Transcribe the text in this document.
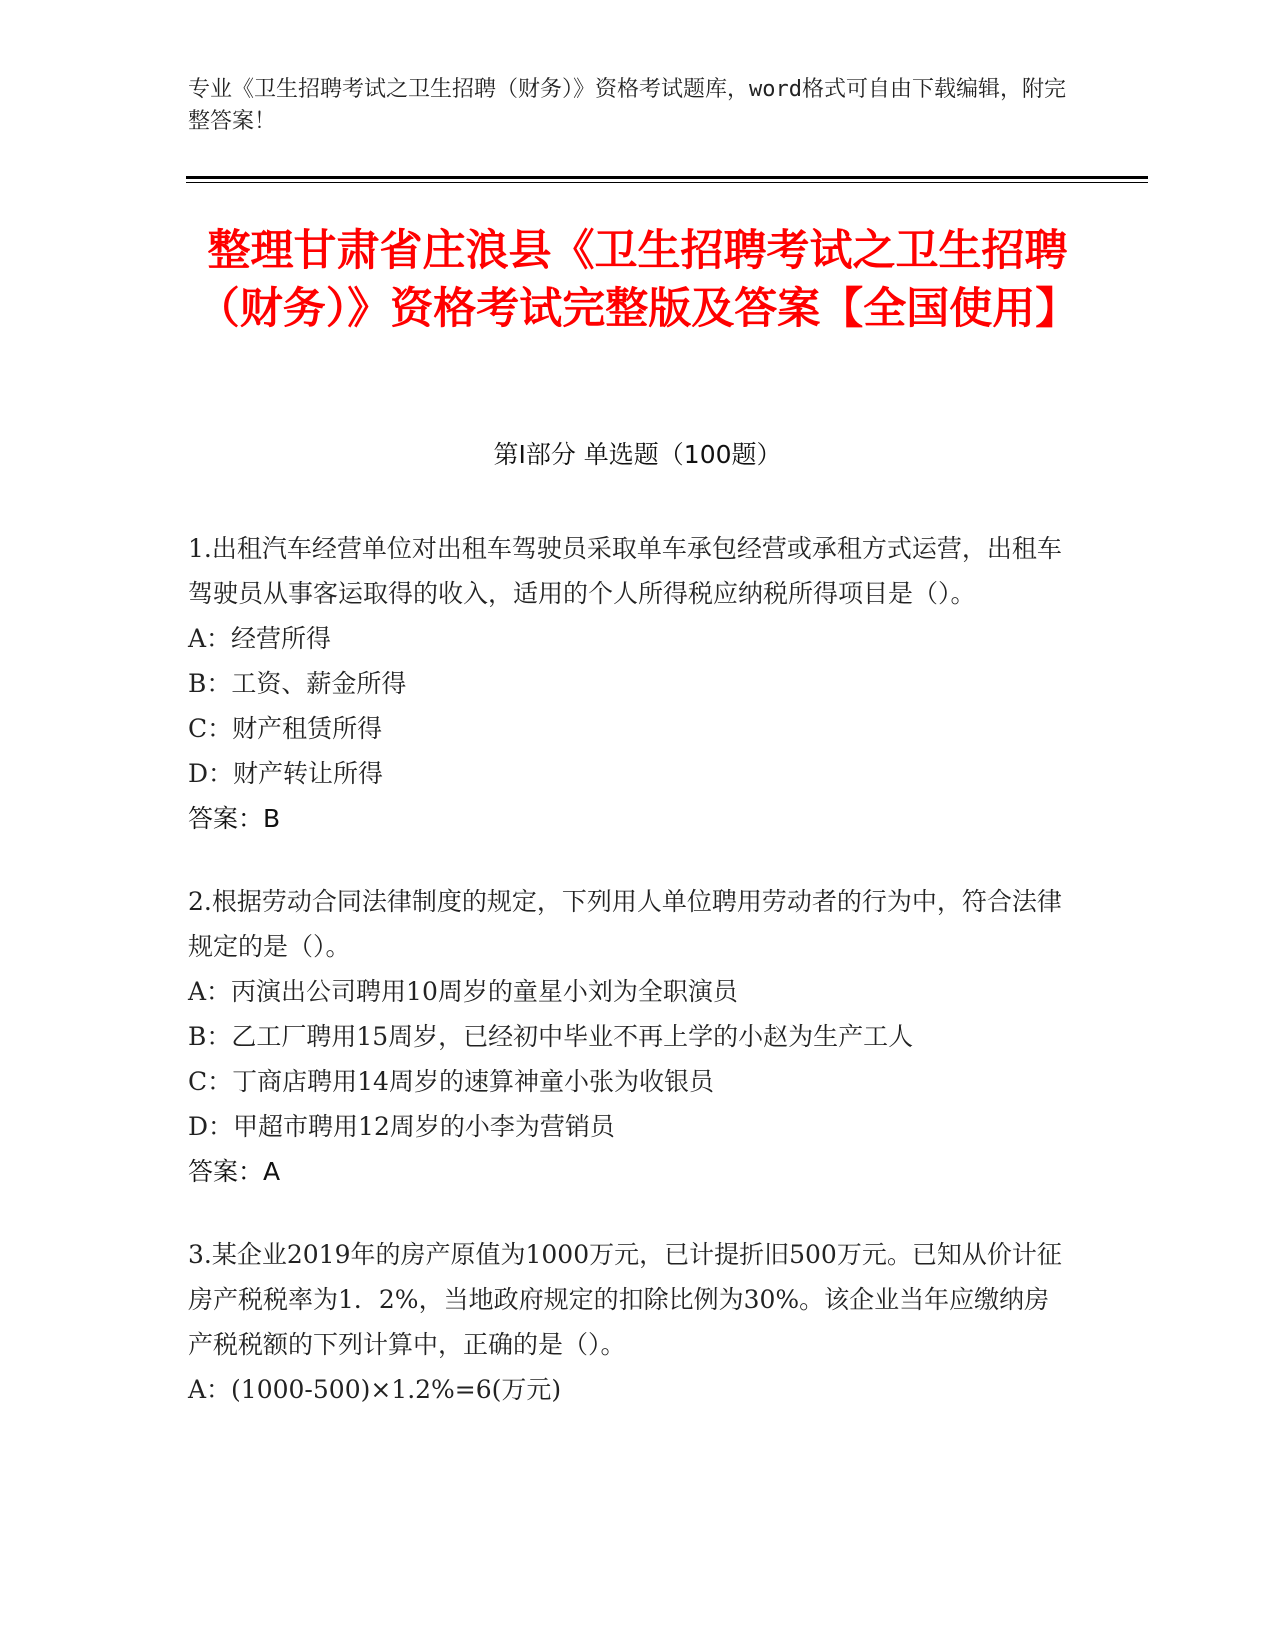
专业《卫生招聘考试之卫生招聘（财务）》资格考试题库，word格式可自由下载编辑，附完整答案！
整理甘肃省庄浪县《卫生招聘考试之卫生招聘（财务）》资格考试完整版及答案【全国使用】
第Ⅰ部分 单选题（100题）

1.出租汽车经营单位对出租车驾驶员采取单车承包经营或承租方式运营，出租车驾驶员从事客运取得的收入，适用的个人所得税应纳税所得项目是（）。

A：经营所得

B：工资、薪金所得

C：财产租赁所得

D：财产转让所得

答案：B

2.根据劳动合同法律制度的规定，下列用人单位聘用劳动者的行为中，符合法律规定的是（）。

A：丙演出公司聘用10周岁的童星小刘为全职演员

B：乙工厂聘用15周岁，已经初中毕业不再上学的小赵为生产工人

C：丁商店聘用14周岁的速算神童小张为收银员

D：甲超市聘用12周岁的小李为营销员

答案：A

3.某企业2019年的房产原值为1000万元，已计提折旧500万元。已知从价计征房产税税率为1．2%，当地政府规定的扣除比例为30%。该企业当年应缴纳房产税税额的下列计算中，正确的是（）。

A：(1000-500)×1.2%=6(万元)
